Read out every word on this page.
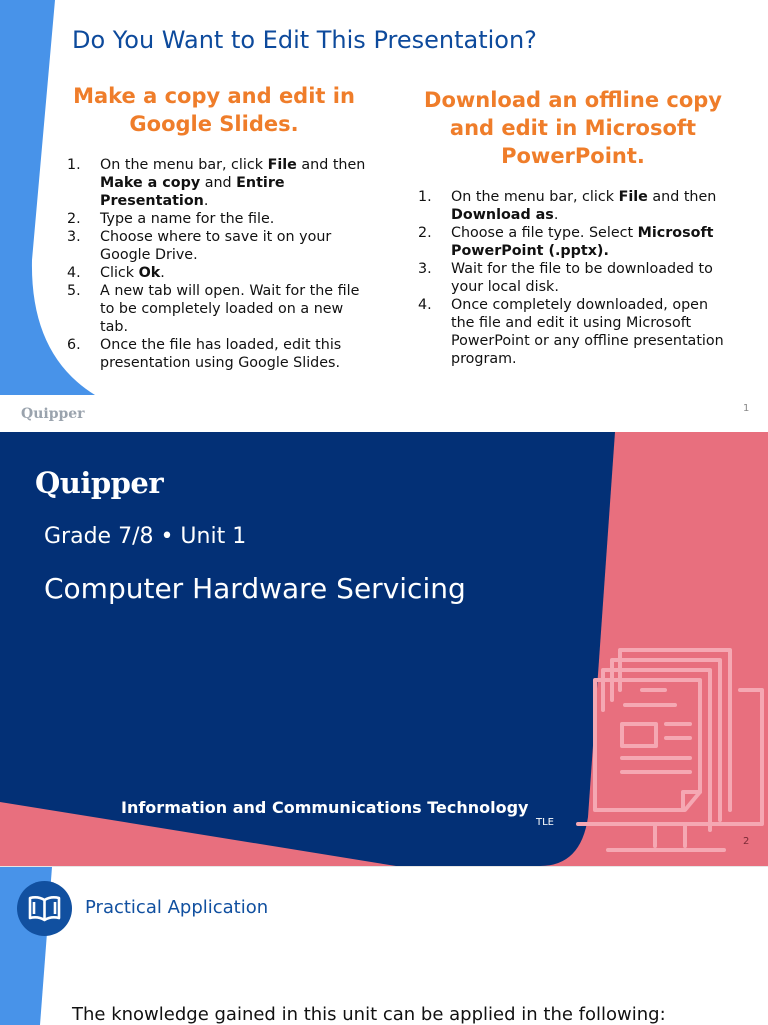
Do You Want to Edit This Presentation?
Make a copy and edit in
Google Slides.
1. On the menu bar, click File and then
Make a copy and Entire
Presentation.
2. Type a name for the file.
3. Choose where to save it on your
Google Drive.
4. Click Ok.
5. A new tab will open. Wait for the file
to be completely loaded on a new
tab.
6. Once the file has loaded, edit this
presentation using Google Slides.
Download an offline copy
and edit in Microsoft
PowerPoint.
1. On the menu bar, click File and then
Download as.
2. Choose a file type. Select Microsoft
PowerPoint (.pptx).
3. Wait for the file to be downloaded to
your local disk.
4. Once completely downloaded, open
the file and edit it using Microsoft
PowerPoint or any offline presentation
program.
Quipper	1
Quipper
Grade 7/8 • Unit 1
Computer Hardware Servicing
Information and Communications Technology
TLE
2
Practical Application
The knowledge gained in this unit can be applied in the following:
